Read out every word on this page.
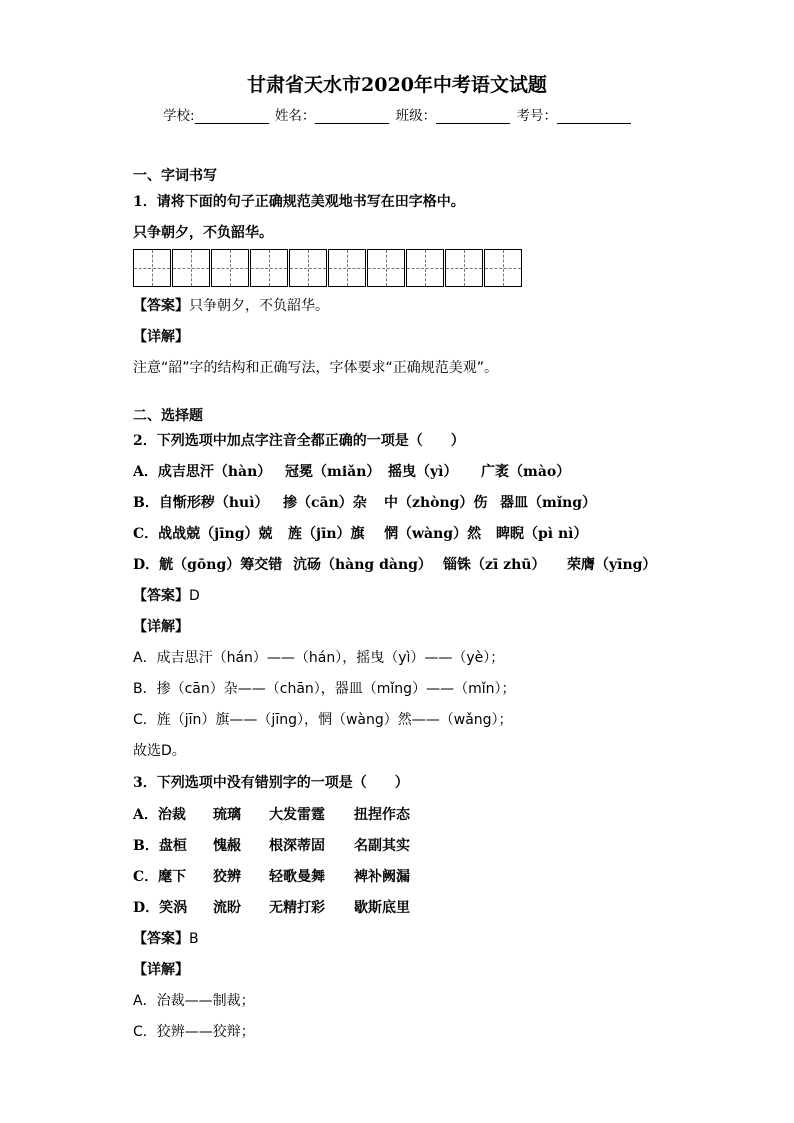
甘肃省天水市2020年中考语文试题
学校:	姓名：	班级：	考号：
一、字词书写
1．请将下面的句子正确规范美观地书写在田字格中。
只争朝夕，不负韶华。
【答案】只争朝夕，不负韶华。
【详解】
注意“韶”字的结构和正确写法，字体要求“正确规范美观”。
二、选择题
2．下列选项中加点字注音全都正确的一项是（　　）
A．成吉思汗（hàn） 冠冕（miǎn） 摇曳（yì） 广袤（mào）
B．自惭形秽（huì） 掺（cān）杂 中（zhòng）伤 器皿（mǐng）
C．战战兢（jīng）兢 旌（jīn）旗 惘（wàng）然 睥睨（pì nì）
D．觥（gōng）筹交错 沆砀（hàng dàng） 锱铢（zī zhū） 荣膺（yīng）
【答案】D
【详解】
A．成吉思汗（hán）——（hán），摇曳（yì）——（yè）；
B．掺（cān）杂——（chān），器皿（mǐng）——（mǐn）；
C．旌（jīn）旗——（jīng），惘（wàng）然——（wǎng）；
故选D。
3．下列选项中没有错别字的一项是（　　）
A．治裁 琉璃 大发雷霆 扭捏作态
B．盘桓 愧赧 根深蒂固 名副其实
C．麾下 狡辨 轻歌曼舞 裨补阙漏
D．笑涡 流盼 无精打彩 歇斯底里
【答案】B
【详解】
A．治裁——制裁；
C．狡辨——狡辩；
